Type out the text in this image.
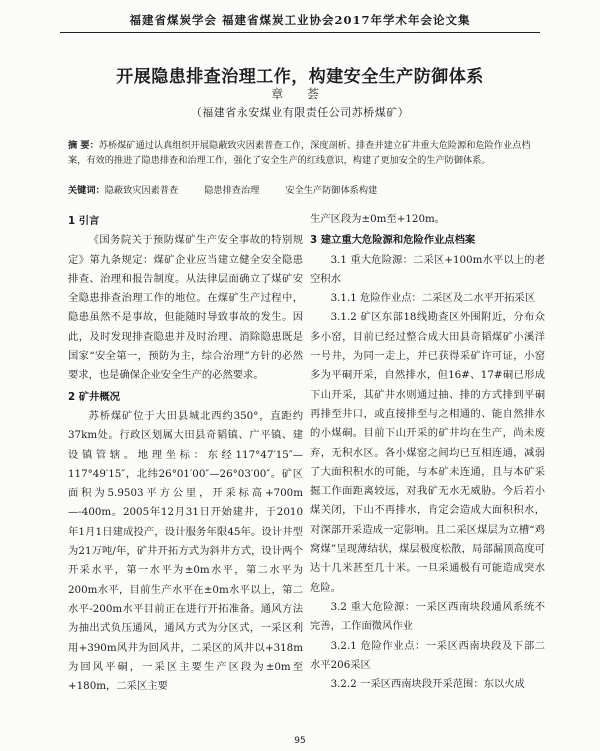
福建省煤炭学会 福建省煤炭工业协会2017年学术年会论文集
开展隐患排查治理工作，构建安全生产防御体系
章 荟
（福建省永安煤业有限责任公司苏桥煤矿）
摘 要：苏桥煤矿通过认真组织开展隐蔽致灾因素普查工作，深度剖析、排查并建立矿井重大危险源和危险作业点档案，有效的推进了隐患排查和治理工作，强化了安全生产的红线意识，构建了更加安全的生产防御体系。
关键词：隐蔽致灾因素普查	隐患排查治理	安全生产防御体系构建
1 引言

《国务院关于预防煤矿生产安全事故的特别规定》第九条规定：煤矿企业应当建立健全安全隐患排查、治理和报告制度。从法律层面确立了煤矿安全隐患排查治理工作的地位。在煤矿生产过程中，隐患虽然不是事故，但能随时导致事故的发生。因此，及时发现排查隐患并及时治理、消除隐患既是国家“安全第一，预防为主，综合治理”方针的必然要求，也是确保企业安全生产的必然要求。

2 矿井概况

苏桥煤矿位于大田县城北西约350°，直距约37km处。行政区划属大田县奇韬镇、广平镇、建设镇管辖。地理坐标：东经117°47′15″—117°49′15″，北纬26°01′00″—26°03′00″。矿区面积为5.9503平方公里，开采标高+700m—-400m。2005年12月31日开始建井，于2010年1月1日建成投产，设计服务年限45年。设计井型为21万吨/年，矿井开拓方式为斜井方式，设计两个开采水平，第一水平为±0m水平，第二水平为200m水平，目前生产水平在±0m水平以上，第二水平-200m水平目前正在进行开拓准备。通风方法为抽出式负压通风，通风方式为分区式，一采区利用+390m风井为回风井，二采区的风井以+318m为回风平硐，一采区主要生产区段为±0m至+180m，二采区主要

生产区段为±0m至+120m。

3 建立重大危险源和危险作业点档案

3.1 重大危险源：二采区+100m水平以上的老空积水

3.1.1 危险作业点：二采区及二水平开拓采区

3.1.2 矿区东部18线勘查区外围附近，分布众多小窑，目前已经过整合成大田县奇韬煤矿小溪洋一号井，为同一走上，并已获得采矿许可证，小窑多为平硐开采，自然排水，但16#、17#硐已形成下山开采，其矿井水则通过抽、排的方式排到平硐再排至井口，或直接排至与之相通的、能自然排水的小煤硐。目前下山开采的矿井均在生产，尚未废弃，无积水区。各小煤窑之间均已互相连通，减弱了大面积积水的可能，与本矿未连通，且与本矿采掘工作面距离较远，对我矿无水无威胁。今后若小煤关闭，下山不再排水，肯定会造成大面积积水，对深部开采造成一定影响。且二采区煤层为立槽“鸡窝煤”呈现薄结状，煤层极度松散，局部漏顶高度可达十几米甚至几十米。一旦采通极有可能造成突水危险。

3.2 重大危险源：一采区西南块段通风系统不完善，工作面微风作业

3.2.1 危险作业点：一采区西南块段及下部二水平206采区

3.2.2 一采区西南块段开采范围：东以火成

95
